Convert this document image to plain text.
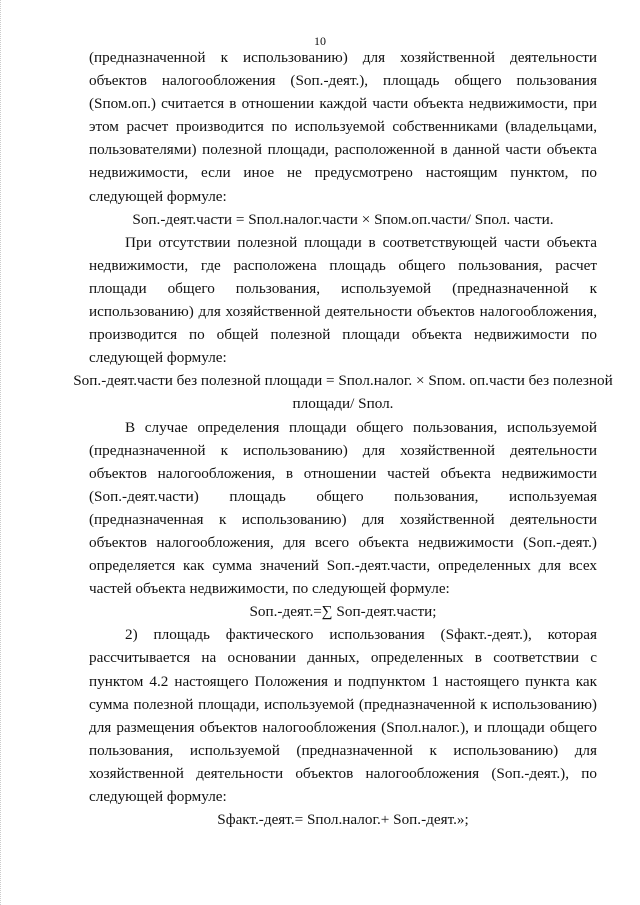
10

(предназначенной к использованию) для хозяйственной деятельности объектов налогообложения (Sоп.-деят.), площадь общего пользования (Sпом.оп.) считается в отношении каждой части объекта недвижимости, при этом расчет производится по используемой собственниками (владельцами, пользователями) полезной площади, расположенной в данной части объекта недвижимости, если иное не предусмотрено настоящим пунктом, по следующей формуле:

Sоп.-деят.части = Sпол.налог.части × Sпом.оп.части/ Sпол. части.

При отсутствии полезной площади в соответствующей части объекта недвижимости, где расположена площадь общего пользования, расчет площади общего пользования, используемой (предназначенной к использованию) для хозяйственной деятельности объектов налогообложения, производится по общей полезной площади объекта недвижимости по следующей формуле:

Sоп.-деят.части без полезной площади = Sпол.налог. × Sпом. оп.части без полезной площади/ Sпол.

В случае определения площади общего пользования, используемой (предназначенной к использованию) для хозяйственной деятельности объектов налогообложения, в отношении частей объекта недвижимости (Sоп.-деят.части) площадь общего пользования, используемая (предназначенная к использованию) для хозяйственной деятельности объектов налогообложения, для всего объекта недвижимости (Sоп.-деят.) определяется как сумма значений Sоп.-деят.части, определенных для всех частей объекта недвижимости, по следующей формуле:

Sоп.-деят.=∑ Sоп-деят.части;

2) площадь фактического использования (Sфакт.-деят.), которая рассчитывается на основании данных, определенных в соответствии с пунктом 4.2 настоящего Положения и подпунктом 1 настоящего пункта как сумма полезной площади, используемой (предназначенной к использованию) для размещения объектов налогообложения (Sпол.налог.), и площади общего пользования, используемой (предназначенной к использованию) для хозяйственной деятельности объектов налогообложения (Sоп.-деят.), по следующей формуле:

Sфакт.-деят.= Sпол.налог.+ Sоп.-деят.»;
